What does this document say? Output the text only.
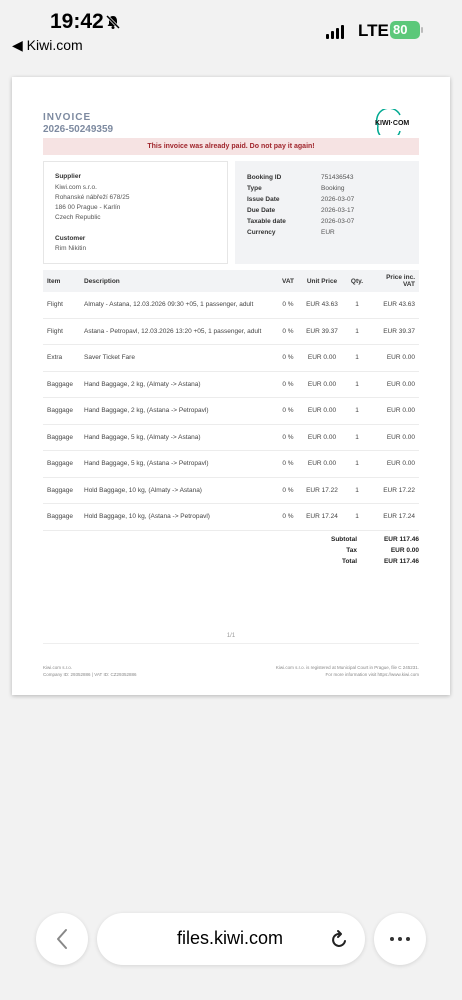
19:42
◀ Kiwi.com
LTE 80
INVOICE
2026-50249359
KIWI·COM
This invoice was already paid. Do not pay it again!
Supplier
Kiwi.com s.r.o.
Rohanské nábřeží 678/25
186 00 Prague - Karlín
Czech Republic
Customer
Rim Nikitin
Booking ID	751436543
Type	Booking
Issue Date	2026-03-07
Due Date	2026-03-17
Taxable date	2026-03-07
Currency	EUR
Item	Description	VAT	Unit Price	Qty.	Price inc. VAT
Flight	Almaty - Astana, 12.03.2026 09:30 +05, 1 passenger, adult	0 %	EUR 43.63	1	EUR 43.63
Flight	Astana - Petropavl, 12.03.2026 13:20 +05, 1 passenger, adult	0 %	EUR 39.37	1	EUR 39.37
Extra	Saver Ticket Fare	0 %	EUR 0.00	1	EUR 0.00
Baggage	Hand Baggage, 2 kg, (Almaty -> Astana)	0 %	EUR 0.00	1	EUR 0.00
Baggage	Hand Baggage, 2 kg, (Astana -> Petropavl)	0 %	EUR 0.00	1	EUR 0.00
Baggage	Hand Baggage, 5 kg, (Almaty -> Astana)	0 %	EUR 0.00	1	EUR 0.00
Baggage	Hand Baggage, 5 kg, (Astana -> Petropavl)	0 %	EUR 0.00	1	EUR 0.00
Baggage	Hold Baggage, 10 kg, (Almaty -> Astana)	0 %	EUR 17.22	1	EUR 17.22
Baggage	Hold Baggage, 10 kg, (Astana -> Petropavl)	0 %	EUR 17.24	1	EUR 17.24
Subtotal	EUR 117.46
Tax	EUR 0.00
Total	EUR 117.46
1/1
Kiwi.com s.r.o.
Company ID: 29352886 | VAT ID: CZ29352886
Kiwi.com s.r.o. is registered at Municipal Court in Prague, file C 245231.
For more information visit https://www.kiwi.com
files.kiwi.com
